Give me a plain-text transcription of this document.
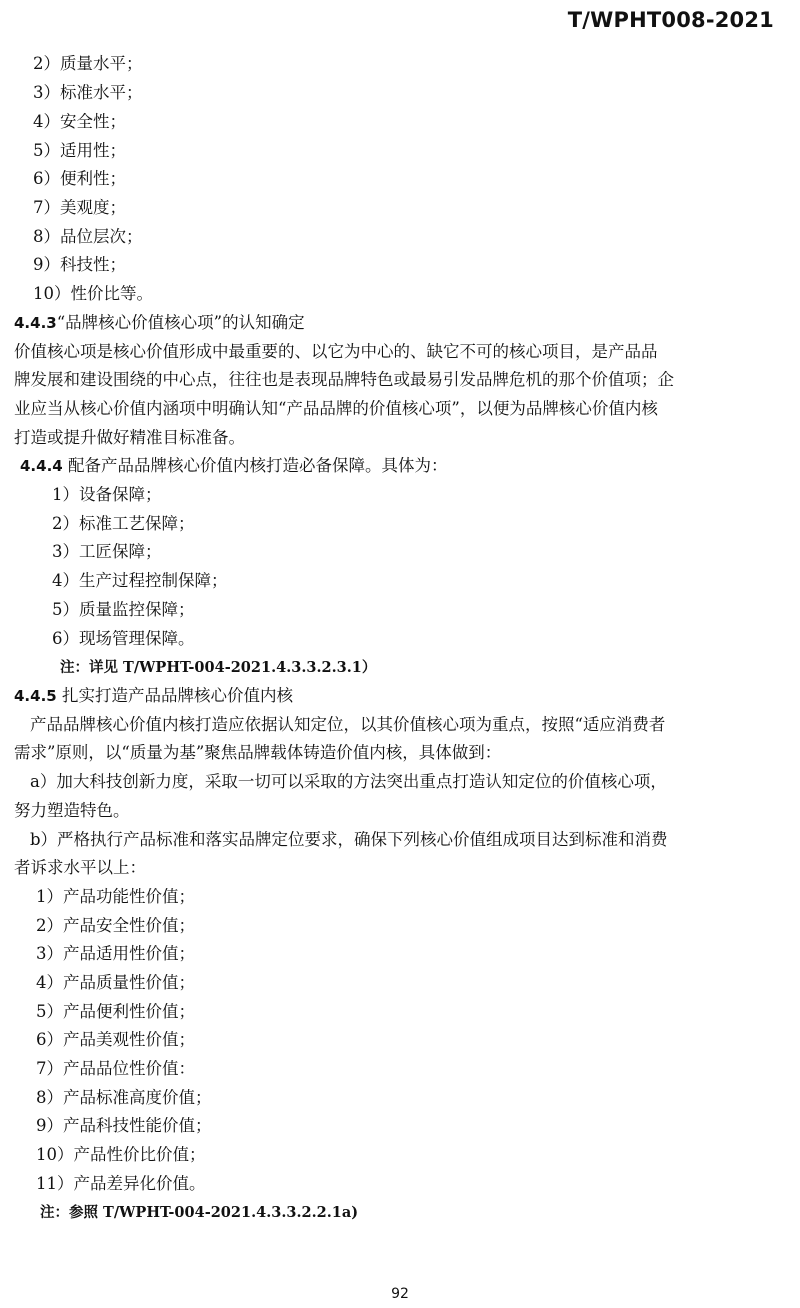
T/WPHT008-2021
2）质量水平；
3）标准水平；
4）安全性；
5）适用性；
6）便利性；
7）美观度；
8）品位层次；
9）科技性；
10）性价比等。
4.4.3“品牌核心价值核心项”的认知确定
价值核心项是核心价值形成中最重要的、以它为中心的、缺它不可的核心项目，是产品品
牌发展和建设围绕的中心点，往往也是表现品牌特色或最易引发品牌危机的那个价值项；企
业应当从核心价值内涵项中明确认知“产品品牌的价值核心项”，以便为品牌核心价值内核
打造或提升做好精准目标准备。
4.4.4 配备产品品牌核心价值内核打造必备保障。具体为：
1）设备保障；
2）标准工艺保障；
3）工匠保障；
4）生产过程控制保障；
5）质量监控保障；
6）现场管理保障。
注：详见 T/WPHT-004-2021.4.3.3.2.3.1）
4.4.5 扎实打造产品品牌核心价值内核
产品品牌核心价值内核打造应依据认知定位，以其价值核心项为重点，按照“适应消费者
需求”原则，以“质量为基”聚焦品牌载体铸造价值内核，具体做到：
a）加大科技创新力度，采取一切可以采取的方法突出重点打造认知定位的价值核心项，
努力塑造特色。
b）严格执行产品标准和落实品牌定位要求，确保下列核心价值组成项目达到标准和消费
者诉求水平以上：
1）产品功能性价值；
2）产品安全性价值；
3）产品适用性价值；
4）产品质量性价值；
5）产品便利性价值；
6）产品美观性价值；
7）产品品位性价值：
8）产品标准高度价值；
9）产品科技性能价值；
10）产品性价比价值；
11）产品差异化价值。
注：参照 T/WPHT-004-2021.4.3.3.2.2.1a)
92
